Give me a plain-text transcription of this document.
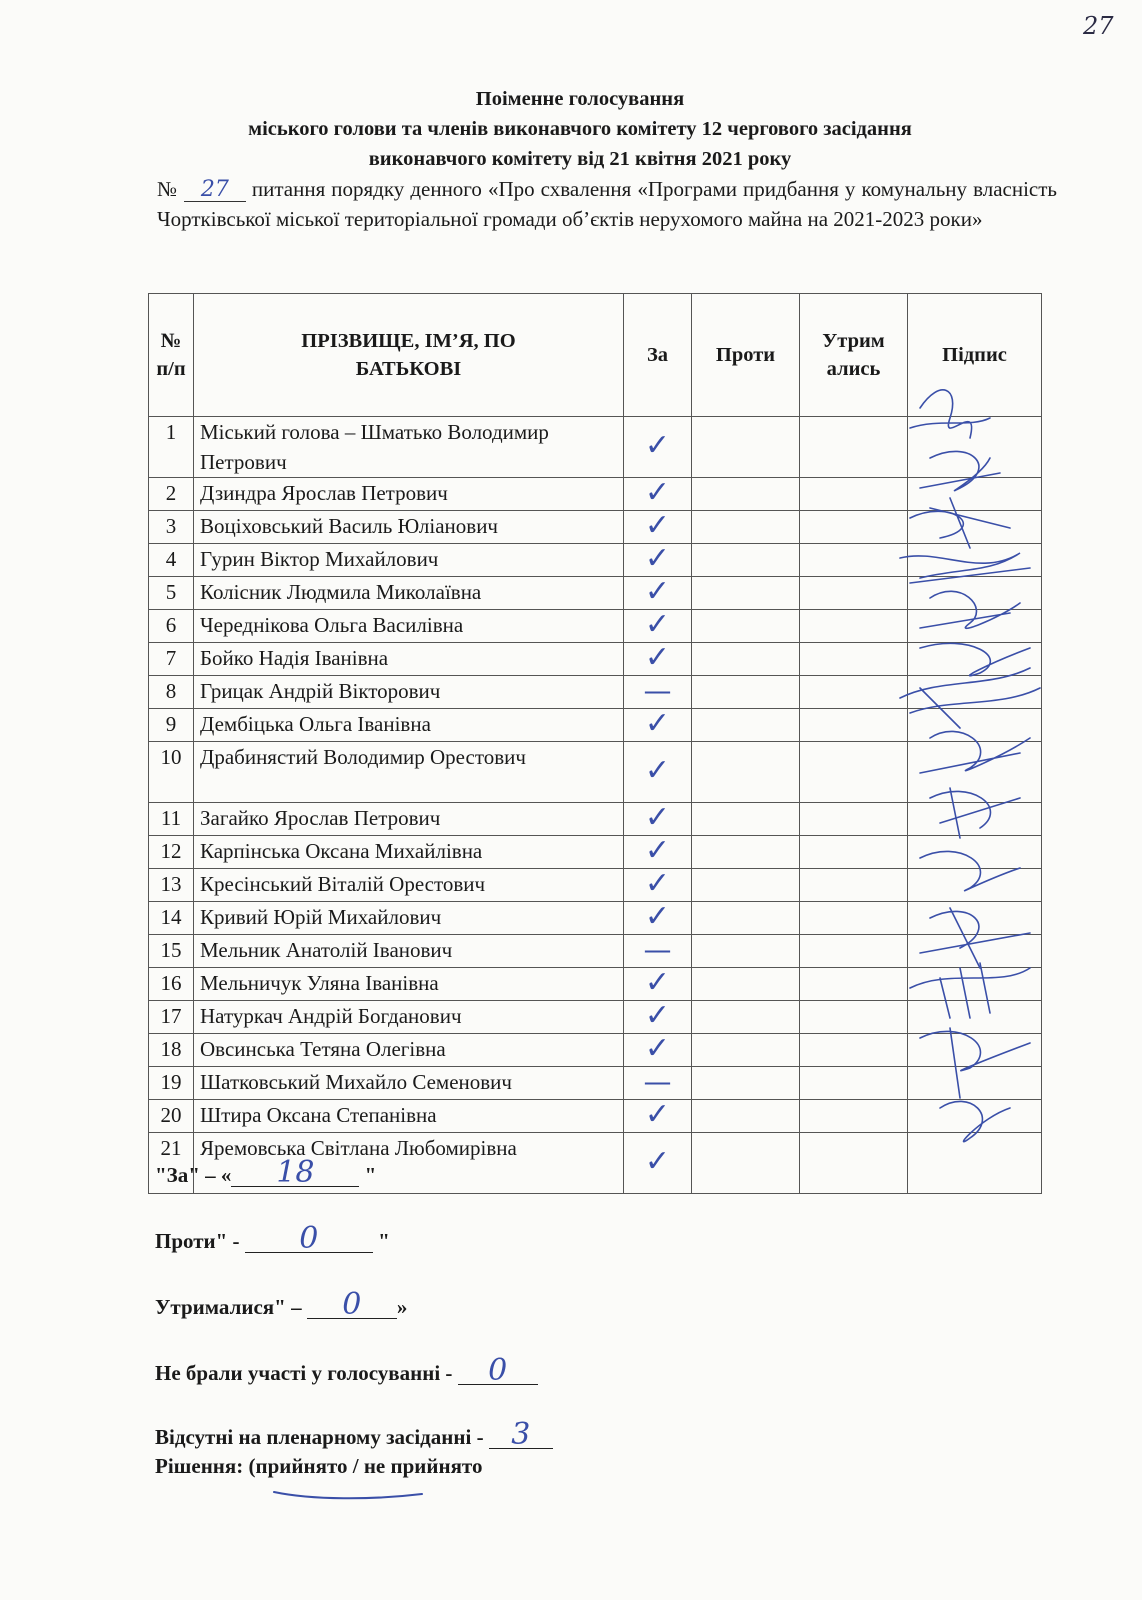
27
Поіменне голосування
міського голови та членів виконавчого комітету 12 чергового засідання
виконавчого комітету від 21 квітня 2021 року
№ 27 питання порядку денного «Про схвалення «Програми придбання у комунальну власність Чортківської міської територіальної громади об’єктів нерухомого майна на 2021-2023 роки»
№ п/п	ПРІЗВИЩЕ, ІМ’Я, ПО БАТЬКОВІ	За	Проти	Утрим ались	Підпис
1	Міський голова – Шматько Володимир Петрович	✓			
2	Дзиндра Ярослав Петрович	✓			
3	Воціховський Василь Юліанович	✓			
4	Гурин Віктор Михайлович	✓			
5	Колісник Людмила Миколаївна	✓			
6	Череднікова Ольга Василівна	✓			
7	Бойко Надія Іванівна	✓			
8	Грицак Андрій Вікторович	—			
9	Дембіцька Ольга Іванівна	✓			
10	Драбинястий Володимир Орестович	✓			
11	Загайко Ярослав Петрович	✓			
12	Карпінська Оксана Михайлівна	✓			
13	Кресінський Віталій Орестович	✓			
14	Кривий Юрій Михайлович	✓			
15	Мельник Анатолій Іванович	—			
16	Мельничук Уляна Іванівна	✓			
17	Натуркач Андрій Богданович	✓			
18	Овсинська Тетяна Олегівна	✓			
19	Шатковський Михайло Семенович	—			
20	Штира Оксана Степанівна	✓			
21	Яремовська Світлана Любомирівна	✓			
"За" – « 18 "
Проти" - 0	"
Утрималися" – 0 »
Не брали участі у голосуванні - 0
Відсутні на пленарному засіданні - 3
Рішення: (прийнято / не прийнято
